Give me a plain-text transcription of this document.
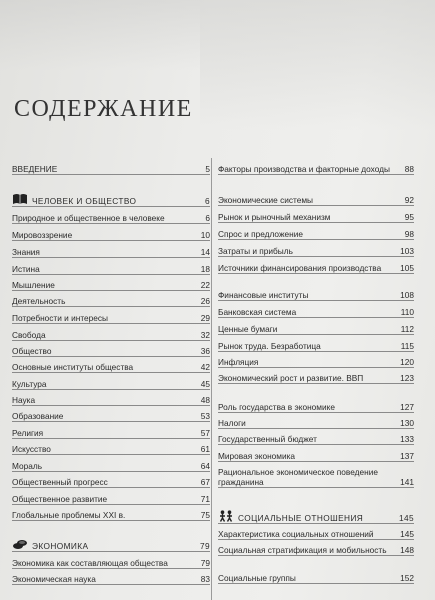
СОДЕРЖАНИЕ
ВВЕДЕНИЕ	5
ЧЕЛОВЕК И ОБЩЕСТВО	6
Природное и общественное в человеке	6
Мировоззрение	10
Знания	14
Истина	18
Мышление	22
Деятельность	26
Потребности и интересы	29
Свобода	32
Общество	36
Основные институты общества	42
Культура	45
Наука	48
Образование	53
Религия	57
Искусство	61
Мораль	64
Общественный прогресс	67
Общественное развитие	71
Глобальные проблемы XXI в.	75
ЭКОНОМИКА	79
Экономика как составляющая общества	79
Экономическая наука	83
Факторы производства и факторные доходы	88
Экономические системы	92
Рынок и рыночный механизм	95
Спрос и предложение	98
Затраты и прибыль	103
Источники финансирования производства	105
Финансовые институты	108
Банковская система	110
Ценные бумаги	112
Рынок труда. Безработица	115
Инфляция	120
Экономический рост и развитие. ВВП	123
Роль государства в экономике	127
Налоги	130
Государственный бюджет	133
Мировая экономика	137
Рациональное экономическое поведение гражданина	141
СОЦИАЛЬНЫЕ ОТНОШЕНИЯ	145
Характеристика социальных отношений	145
Социальная стратификация и мобильность	148
Социальные группы	152
